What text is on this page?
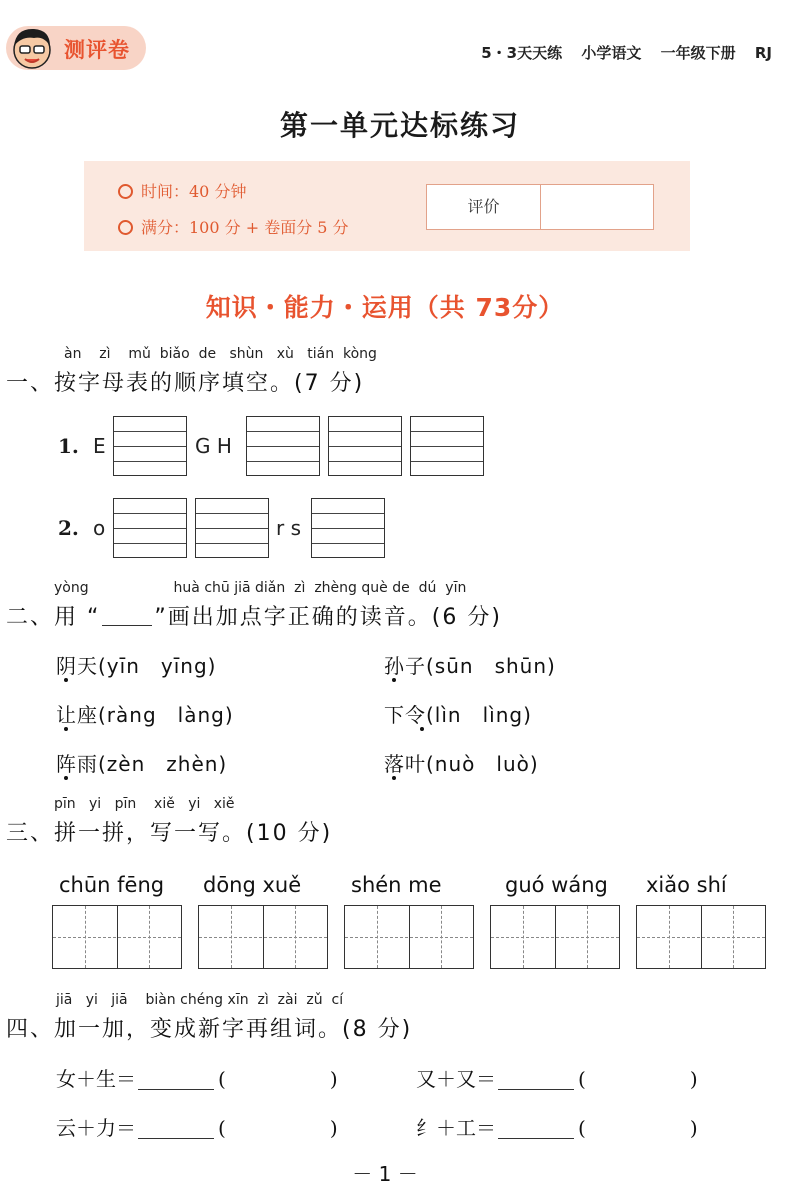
测评卷	5・3天天练 小学语文 一年级下册 RJ
第一单元达标练习
时间：40 分钟
满分：100 分 + 卷面分 5 分
评价
知识・能力・运用（共 73分）
àn zì mǔ biǎo de shùn xù tián kòng
一、按字母表的顺序填空。(7 分)
1. E	G H
2. o	r s
yòng	huà chū jiā diǎn zì zhèng què de dú yīn
二、用 “ ”画出加点字正确的读音。(6 分)
阴天(yīn　yīng)	孙子(sūn　shūn)
让座(ràng　làng)	下令(lìn　lìng)
阵雨(zèn　zhèn)	落叶(nuò　luò)
pīn yi pīn xiě yi xiě
三、拼一拼，写一写。(10 分)
chūn fēng dōng xuě shén me	guó wáng xiǎo shí
jiā yi jiā biàn chéng xīn zì zài zǔ cí
四、加一加，变成新字再组词。(8 分)
女＋生＝	(	)	又＋又＝	(	)
云＋力＝	(	)	纟＋工＝	(	)
－ 1 －
